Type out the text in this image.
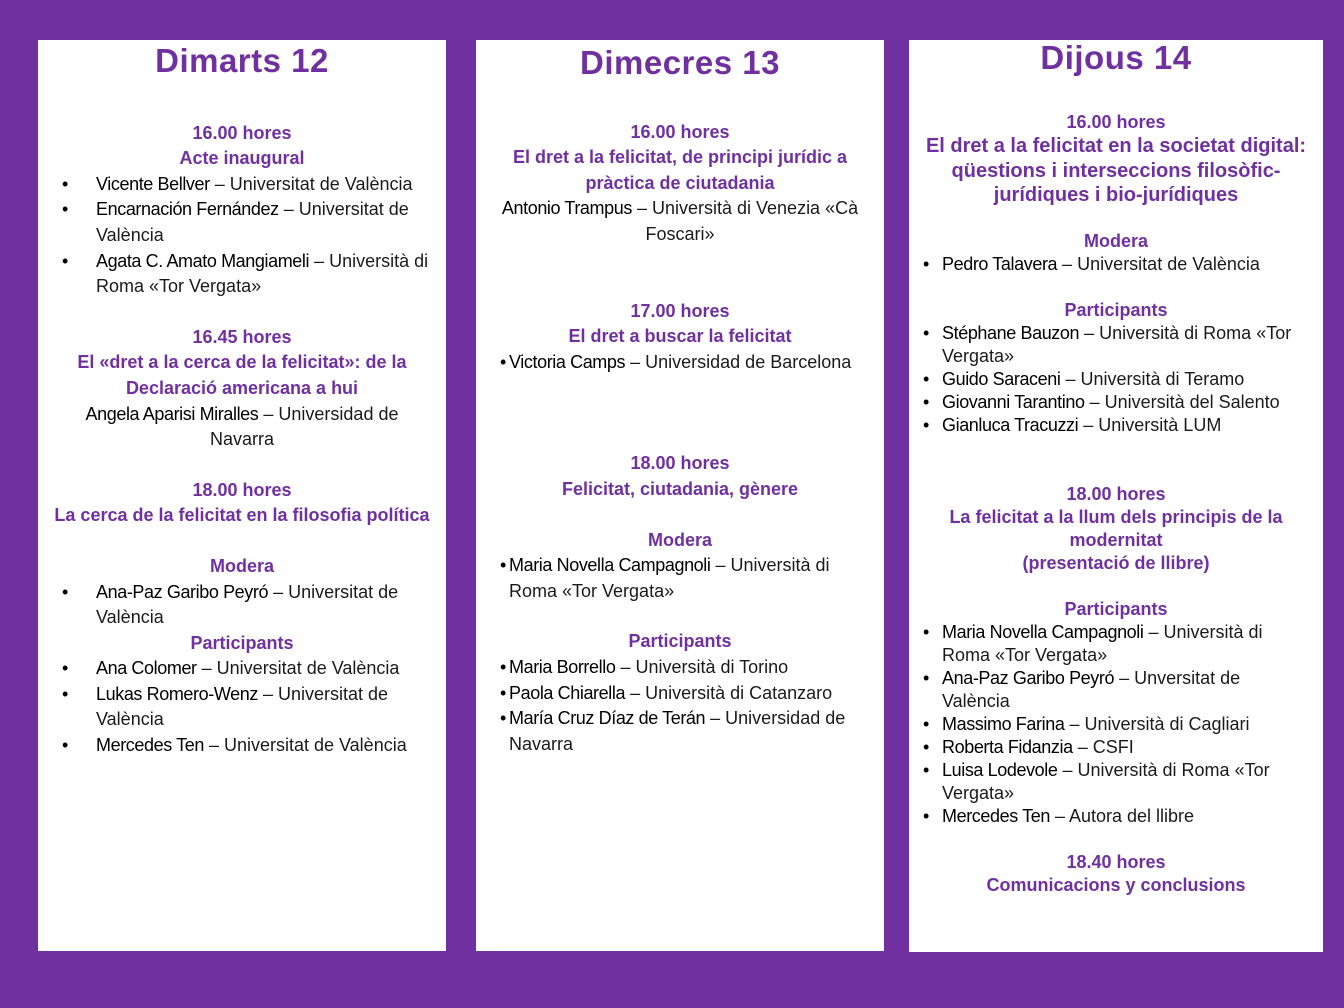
Dimarts 12
16.00 hores
Acte inaugural
• Vicente Bellver – Universitat de València
• Encarnación Fernández – Universitat de València
• Agata C. Amato Mangiameli – Università di Roma «Tor Vergata»
16.45 hores
El «dret a la cerca de la felicitat»: de la Declaració americana a hui
Angela Aparisi Miralles – Universidad de Navarra
18.00 hores
La cerca de la felicitat en la filosofia política
Modera
• Ana-Paz Garibo Peyró – Universitat de València
Participants
• Ana Colomer – Universitat de València
• Lukas Romero-Wenz – Universitat de València
• Mercedes Ten – Universitat de València
Dimecres 13
16.00 hores
El dret a la felicitat, de principi jurídic a pràctica de ciutadania
Antonio Trampus – Università di Venezia «Cà Foscari»
17.00 hores
El dret a buscar la felicitat
• Victoria Camps – Universidad de Barcelona
18.00 hores
Felicitat, ciutadania, gènere
Modera
• Maria Novella Campagnoli – Università di Roma «Tor Vergata»
Participants
• Maria Borrello – Università di Torino
• Paola Chiarella – Università di Catanzaro
• María Cruz Díaz de Terán – Universidad de Navarra
Dijous 14
16.00 hores
El dret a la felicitat en la societat digital: qüestions i interseccions filosòfic-jurídiques i bio-jurídiques
Modera
• Pedro Talavera – Universitat de València
Participants
• Stéphane Bauzon – Università di Roma «Tor Vergata»
• Guido Saraceni – Università di Teramo
• Giovanni Tarantino – Università del Salento
• Gianluca Tracuzzi – Università LUM
18.00 hores
La felicitat a la llum dels principis de la modernitat
(presentació de llibre)
Participants
• Maria Novella Campagnoli – Università di Roma «Tor Vergata»
• Ana-Paz Garibo Peyró – Unversitat de València
• Massimo Farina – Università di Cagliari
• Roberta Fidanzia – CSFI
• Luisa Lodevole – Università di Roma «Tor Vergata»
• Mercedes Ten – Autora del llibre
18.40 hores
Comunicacions y conclusions
